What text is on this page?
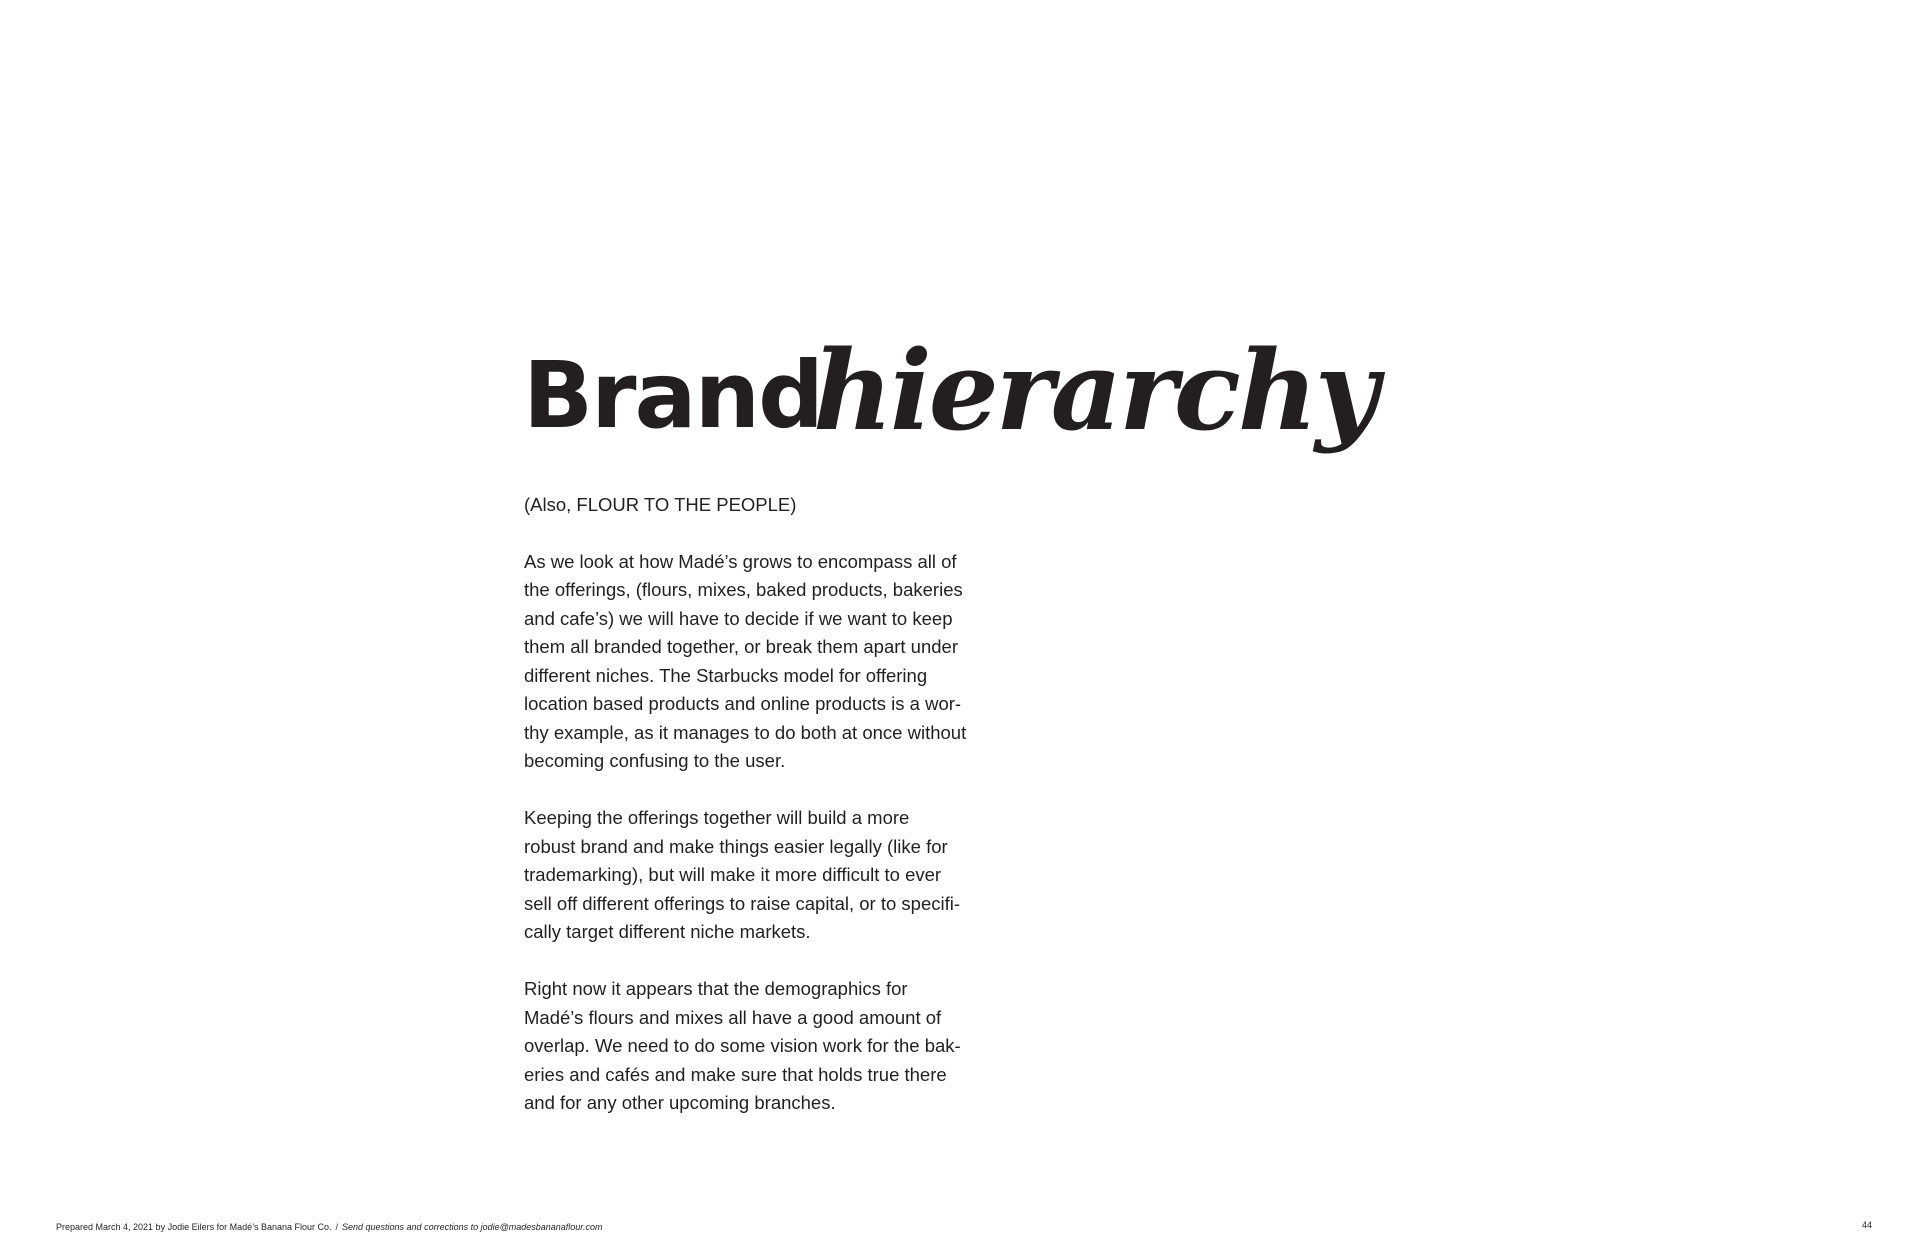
Brand
hierarchy

(Also, FLOUR TO THE PEOPLE)

As we look at how Madé’s grows to encompass all of
the offerings, (flours, mixes, baked products, bakeries
and cafe’s) we will have to decide if we want to keep
them all branded together, or break them apart under
different niches. The Starbucks model for offering
location based products and online products is a wor-
thy example, as it manages to do both at once without
becoming confusing to the user.

Keeping the offerings together will build a more
robust brand and make things easier legally (like for
trademarking), but will make it more difficult to ever
sell off different offerings to raise capital, or to specifi-
cally target different niche markets.

Right now it appears that the demographics for
Madé’s flours and mixes all have a good amount of
overlap. We need to do some vision work for the bak-
eries and cafés and make sure that holds true there
and for any other upcoming branches.

Prepared March 4, 2021 by Jodie Eilers for Madé’s Banana Flour Co. / Send questions and corrections to jodie@madesbananaflour.com	44
